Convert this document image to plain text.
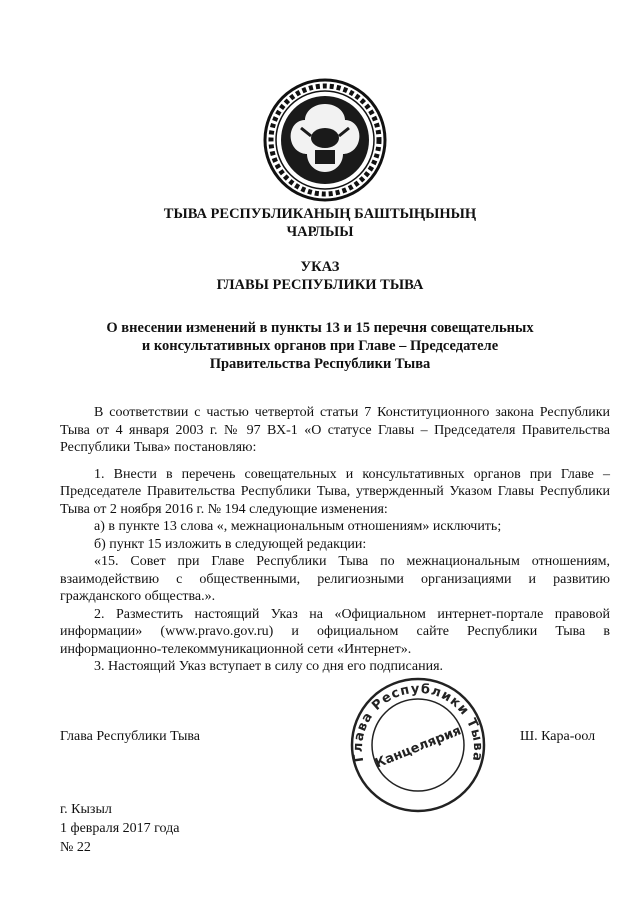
ТЫВА РЕСПУБЛИКАНЫҢ БАШТЫҢЫНЫҢ
ЧАРЛЫЫ
УКАЗ
ГЛАВЫ РЕСПУБЛИКИ ТЫВА
О внесении изменений в пункты 13 и 15 перечня совещательных
и консультативных органов при Главе – Председателе
Правительства Республики Тыва

В соответствии с частью четвертой статьи 7 Конституционного закона Республики Тыва от 4 января 2003 г. № 97 ВХ-1 «О статусе Главы – Председателя Правительства Республики Тыва» постановляю:

1. Внести в перечень совещательных и консультативных органов при Главе – Председателе Правительства Республики Тыва, утвержденный Указом Главы Республики Тыва от 2 ноября 2016 г. № 194 следующие изменения:

а) в пункте 13 слова «, межнациональным отношениям» исключить;

б) пункт 15 изложить в следующей редакции:

«15. Совет при Главе Республики Тыва по межнациональным отношениям, взаимодействию с общественными, религиозными организациями и развитию гражданского общества.».

2. Разместить настоящий Указ на «Официальном интернет-портале правовой информации» (www.pravo.gov.ru) и официальном сайте Республики Тыва в информационно-телекоммуникационной сети «Интернет».

3. Настоящий Указ вступает в силу со дня его подписания.

Глава Республики Тыва	Ш. Кара-оол
Глава Республики Тыва
Канцелярия
г. Кызыл
1 февраля 2017 года
№ 22
